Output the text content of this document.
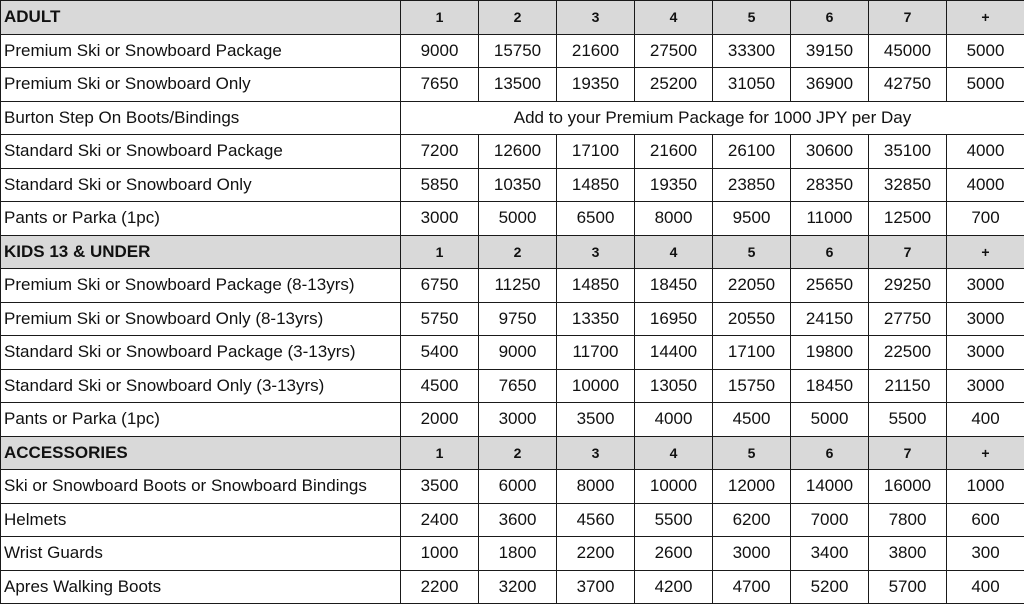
ADULT	1	2	3	4	5	6	7	+
Premium Ski or Snowboard Package	9000	15750	21600	27500	33300	39150	45000	5000
Premium Ski or Snowboard Only	7650	13500	19350	25200	31050	36900	42750	5000
Burton Step On Boots/Bindings	Add to your Premium Package for 1000 JPY per Day							
Standard Ski or Snowboard Package	7200	12600	17100	21600	26100	30600	35100	4000
Standard Ski or Snowboard Only	5850	10350	14850	19350	23850	28350	32850	4000
Pants or Parka (1pc)	3000	5000	6500	8000	9500	11000	12500	700
KIDS 13 & UNDER	1	2	3	4	5	6	7	+
Premium Ski or Snowboard Package (8-13yrs)	6750	11250	14850	18450	22050	25650	29250	3000
Premium Ski or Snowboard Only (8-13yrs)	5750	9750	13350	16950	20550	24150	27750	3000
Standard Ski or Snowboard Package (3-13yrs)	5400	9000	11700	14400	17100	19800	22500	3000
Standard Ski or Snowboard Only (3-13yrs)	4500	7650	10000	13050	15750	18450	21150	3000
Pants or Parka (1pc)	2000	3000	3500	4000	4500	5000	5500	400
ACCESSORIES	1	2	3	4	5	6	7	+
Ski or Snowboard Boots or Snowboard Bindings	3500	6000	8000	10000	12000	14000	16000	1000
Helmets	2400	3600	4560	5500	6200	7000	7800	600
Wrist Guards	1000	1800	2200	2600	3000	3400	3800	300
Apres Walking Boots	2200	3200	3700	4200	4700	5200	5700	400
